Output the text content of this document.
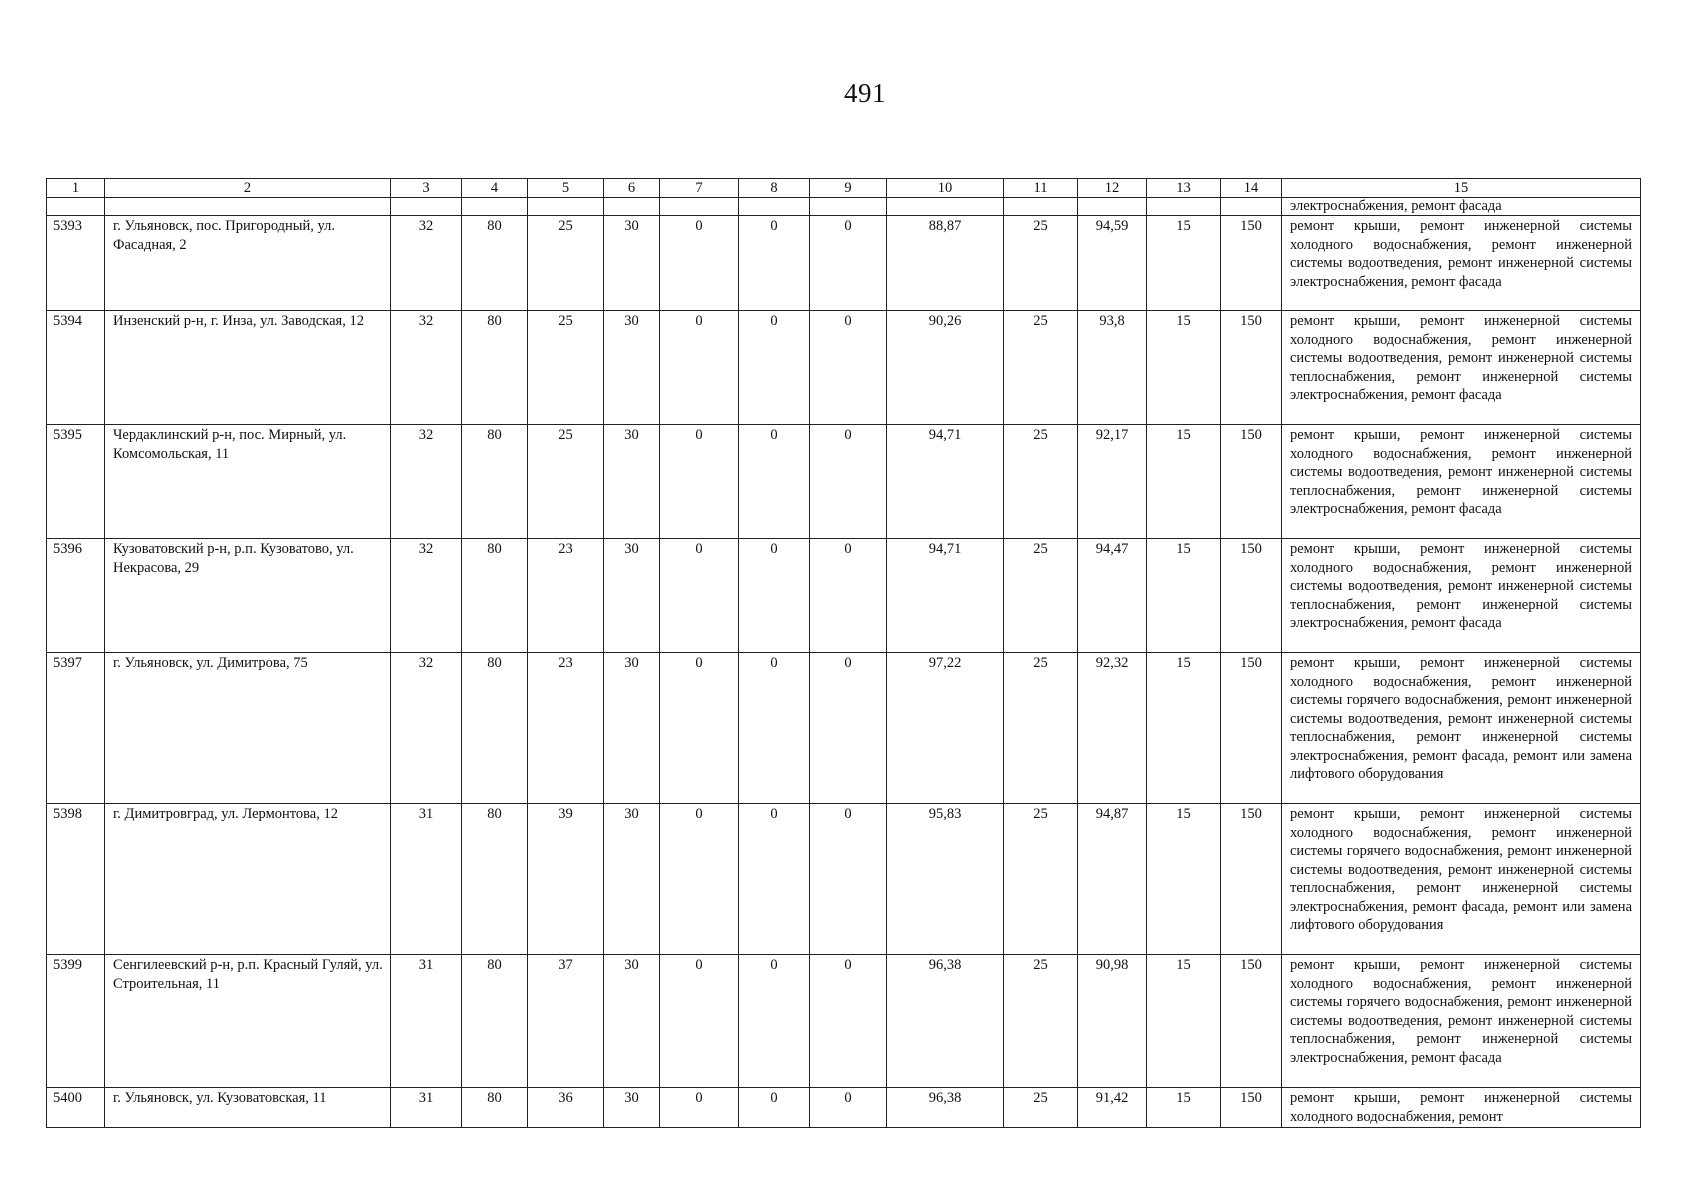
491
1	2	3	4	5	6	7	8	9	10	11	12	13	14	15
														электроснабжения, ремонт фасада
5393	г. Ульяновск, пос. Пригородный, ул. Фасадная, 2	32	80	25	30	0	0	0	88,87	25	94,59	15	150	ремонт крыши, ремонт инженерной системы холодного водоснабжения, ремонт инженерной системы водоотведения, ремонт инженерной системы электроснабжения, ремонт фасада
5394	Инзенский р-н, г. Инза, ул. Заводская, 12	32	80	25	30	0	0	0	90,26	25	93,8	15	150	ремонт крыши, ремонт инженерной системы холодного водоснабжения, ремонт инженерной системы водоотведения, ремонт инженерной системы теплоснабжения, ремонт инженерной системы электроснабжения, ремонт фасада
5395	Чердаклинский р-н, пос. Мирный, ул. Комсомольская, 11	32	80	25	30	0	0	0	94,71	25	92,17	15	150	ремонт крыши, ремонт инженерной системы холодного водоснабжения, ремонт инженерной системы водоотведения, ремонт инженерной системы теплоснабжения, ремонт инженерной системы электроснабжения, ремонт фасада
5396	Кузоватовский р-н, р.п. Кузоватово, ул. Некрасова, 29	32	80	23	30	0	0	0	94,71	25	94,47	15	150	ремонт крыши, ремонт инженерной системы холодного водоснабжения, ремонт инженерной системы водоотведения, ремонт инженерной системы теплоснабжения, ремонт инженерной системы электроснабжения, ремонт фасада
5397	г. Ульяновск, ул. Димитрова, 75	32	80	23	30	0	0	0	97,22	25	92,32	15	150	ремонт крыши, ремонт инженерной системы холодного водоснабжения, ремонт инженерной системы горячего водоснабжения, ремонт инженерной системы водоотведения, ремонт инженерной системы теплоснабжения, ремонт инженерной системы электроснабжения, ремонт фасада, ремонт или замена лифтового оборудования
5398	г. Димитровград, ул. Лермонтова, 12	31	80	39	30	0	0	0	95,83	25	94,87	15	150	ремонт крыши, ремонт инженерной системы холодного водоснабжения, ремонт инженерной системы горячего водоснабжения, ремонт инженерной системы водоотведения, ремонт инженерной системы теплоснабжения, ремонт инженерной системы электроснабжения, ремонт фасада, ремонт или замена лифтового оборудования
5399	Сенгилеевский р-н, р.п. Красный Гуляй, ул. Строительная, 11	31	80	37	30	0	0	0	96,38	25	90,98	15	150	ремонт крыши, ремонт инженерной системы холодного водоснабжения, ремонт инженерной системы горячего водоснабжения, ремонт инженерной системы водоотведения, ремонт инженерной системы теплоснабжения, ремонт инженерной системы электроснабжения, ремонт фасада
5400	г. Ульяновск, ул. Кузоватовская, 11	31	80	36	30	0	0	0	96,38	25	91,42	15	150	ремонт крыши, ремонт инженерной системы холодного водоснабжения, ремонт
